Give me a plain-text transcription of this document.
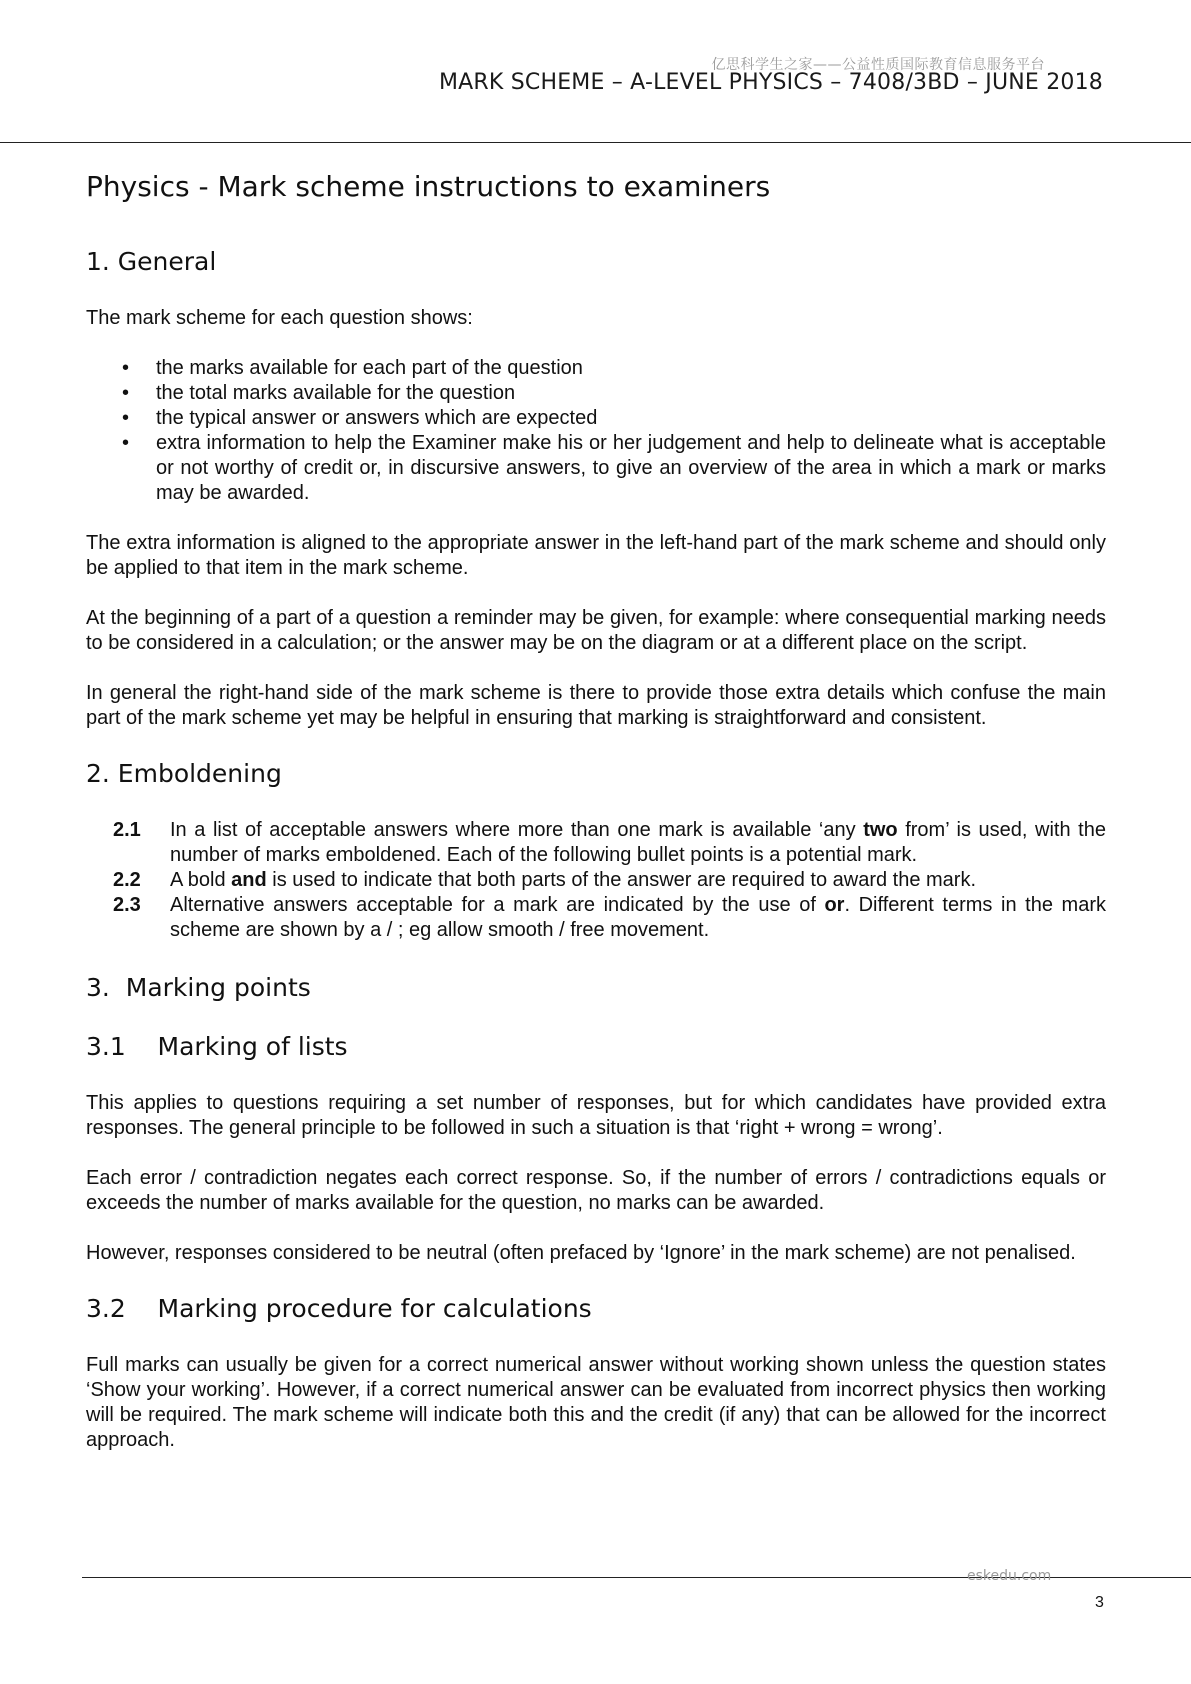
亿思科学生之家——公益性质国际教育信息服务平台
MARK SCHEME – A-LEVEL PHYSICS – 7408/3BD – JUNE 2018
Physics - Mark scheme instructions to examiners
1. General

The mark scheme for each question shows:

• the marks available for each part of the question
• the total marks available for the question
• the typical answer or answers which are expected
• extra information to help the Examiner make his or her judgement and help to delineate what is acceptable or not worthy of credit or, in discursive answers, to give an overview of the area in which a mark or marks may be awarded.

The extra information is aligned to the appropriate answer in the left-hand part of the mark scheme and should only be applied to that item in the mark scheme.

At the beginning of a part of a question a reminder may be given, for example: where consequential marking needs to be considered in a calculation; or the answer may be on the diagram or at a different place on the script.

In general the right-hand side of the mark scheme is there to provide those extra details which confuse the main part of the mark scheme yet may be helpful in ensuring that marking is straightforward and consistent.

2. Emboldening
2.1 In a list of acceptable answers where more than one mark is available ‘any two from’ is used, with the number of marks emboldened. Each of the following bullet points is a potential mark.
2.2 A bold and is used to indicate that both parts of the answer are required to award the mark.
2.3 Alternative answers acceptable for a mark are indicated by the use of or. Different terms in the mark scheme are shown by a / ; eg allow smooth / free movement.
3.  Marking points
3.1    Marking of lists

This applies to questions requiring a set number of responses, but for which candidates have provided extra responses. The general principle to be followed in such a situation is that ‘right + wrong = wrong’.

Each error / contradiction negates each correct response. So, if the number of errors / contradictions equals or exceeds the number of marks available for the question, no marks can be awarded.

However, responses considered to be neutral (often prefaced by ‘Ignore’ in the mark scheme) are not penalised.

3.2    Marking procedure for calculations

Full marks can usually be given for a correct numerical answer without working shown unless the question states ‘Show your working’. However, if a correct numerical answer can be evaluated from incorrect physics then working will be required. The mark scheme will indicate both this and the credit (if any) that can be allowed for the incorrect approach.

eskedu.com
3
